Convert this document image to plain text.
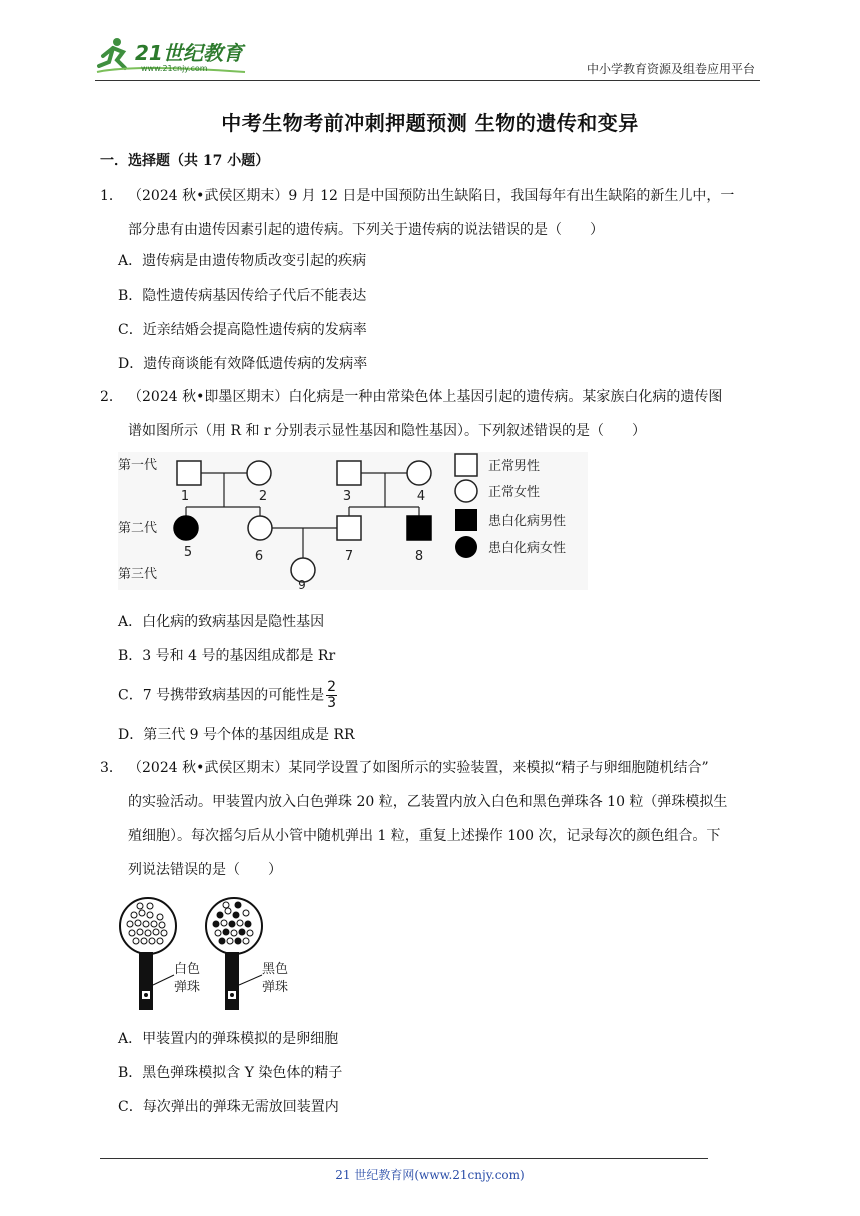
21世纪教育
www.21cnjy.com	中小学教育资源及组卷应用平台
中考生物考前冲刺押题预测 生物的遗传和变异
一．选择题（共 17 小题）
1． （2024 秋•武侯区期末）9 月 12 日是中国预防出生缺陷日，我国每年有出生缺陷的新生儿中，一
部分患有由遗传因素引起的遗传病。下列关于遗传病的说法错误的是（　　）
A．遗传病是由遗传物质改变引起的疾病
B．隐性遗传病基因传给子代后不能表达
C．近亲结婚会提高隐性遗传病的发病率
D．遗传商谈能有效降低遗传病的发病率
2． （2024 秋•即墨区期末）白化病是一种由常染色体上基因引起的遗传病。某家族白化病的遗传图
谱如图所示（用 R 和 r 分别表示显性基因和隐性基因）。下列叙述错误的是（　　）
第一代
第二代
第三代
1	2	3	4
5	6	7	8
9
正常男性
正常女性
患白化病男性
患白化病女性
A．白化病的致病基因是隐性基因
B．3 号和 4 号的基因组成都是 Rr
C．7 号携带致病基因的可能性是 $\frac{2}{3}$
D．第三代 9 号个体的基因组成是 RR
3． （2024 秋•武侯区期末）某同学设置了如图所示的实验装置，来模拟“精子与卵细胞随机结合”
的实验活动。甲装置内放入白色弹珠 20 粒，乙装置内放入白色和黑色弹珠各 10 粒（弹珠模拟生
殖细胞）。每次摇匀后从小管中随机弹出 1 粒，重复上述操作 100 次，记录每次的颜色组合。下
列说法错误的是（　　）
白色
弹珠
黑色
弹珠
A．甲装置内的弹珠模拟的是卵细胞
B．黑色弹珠模拟含 Y 染色体的精子
C．每次弹出的弹珠无需放回装置内
21 世纪教育网(www.21cnjy.com)
